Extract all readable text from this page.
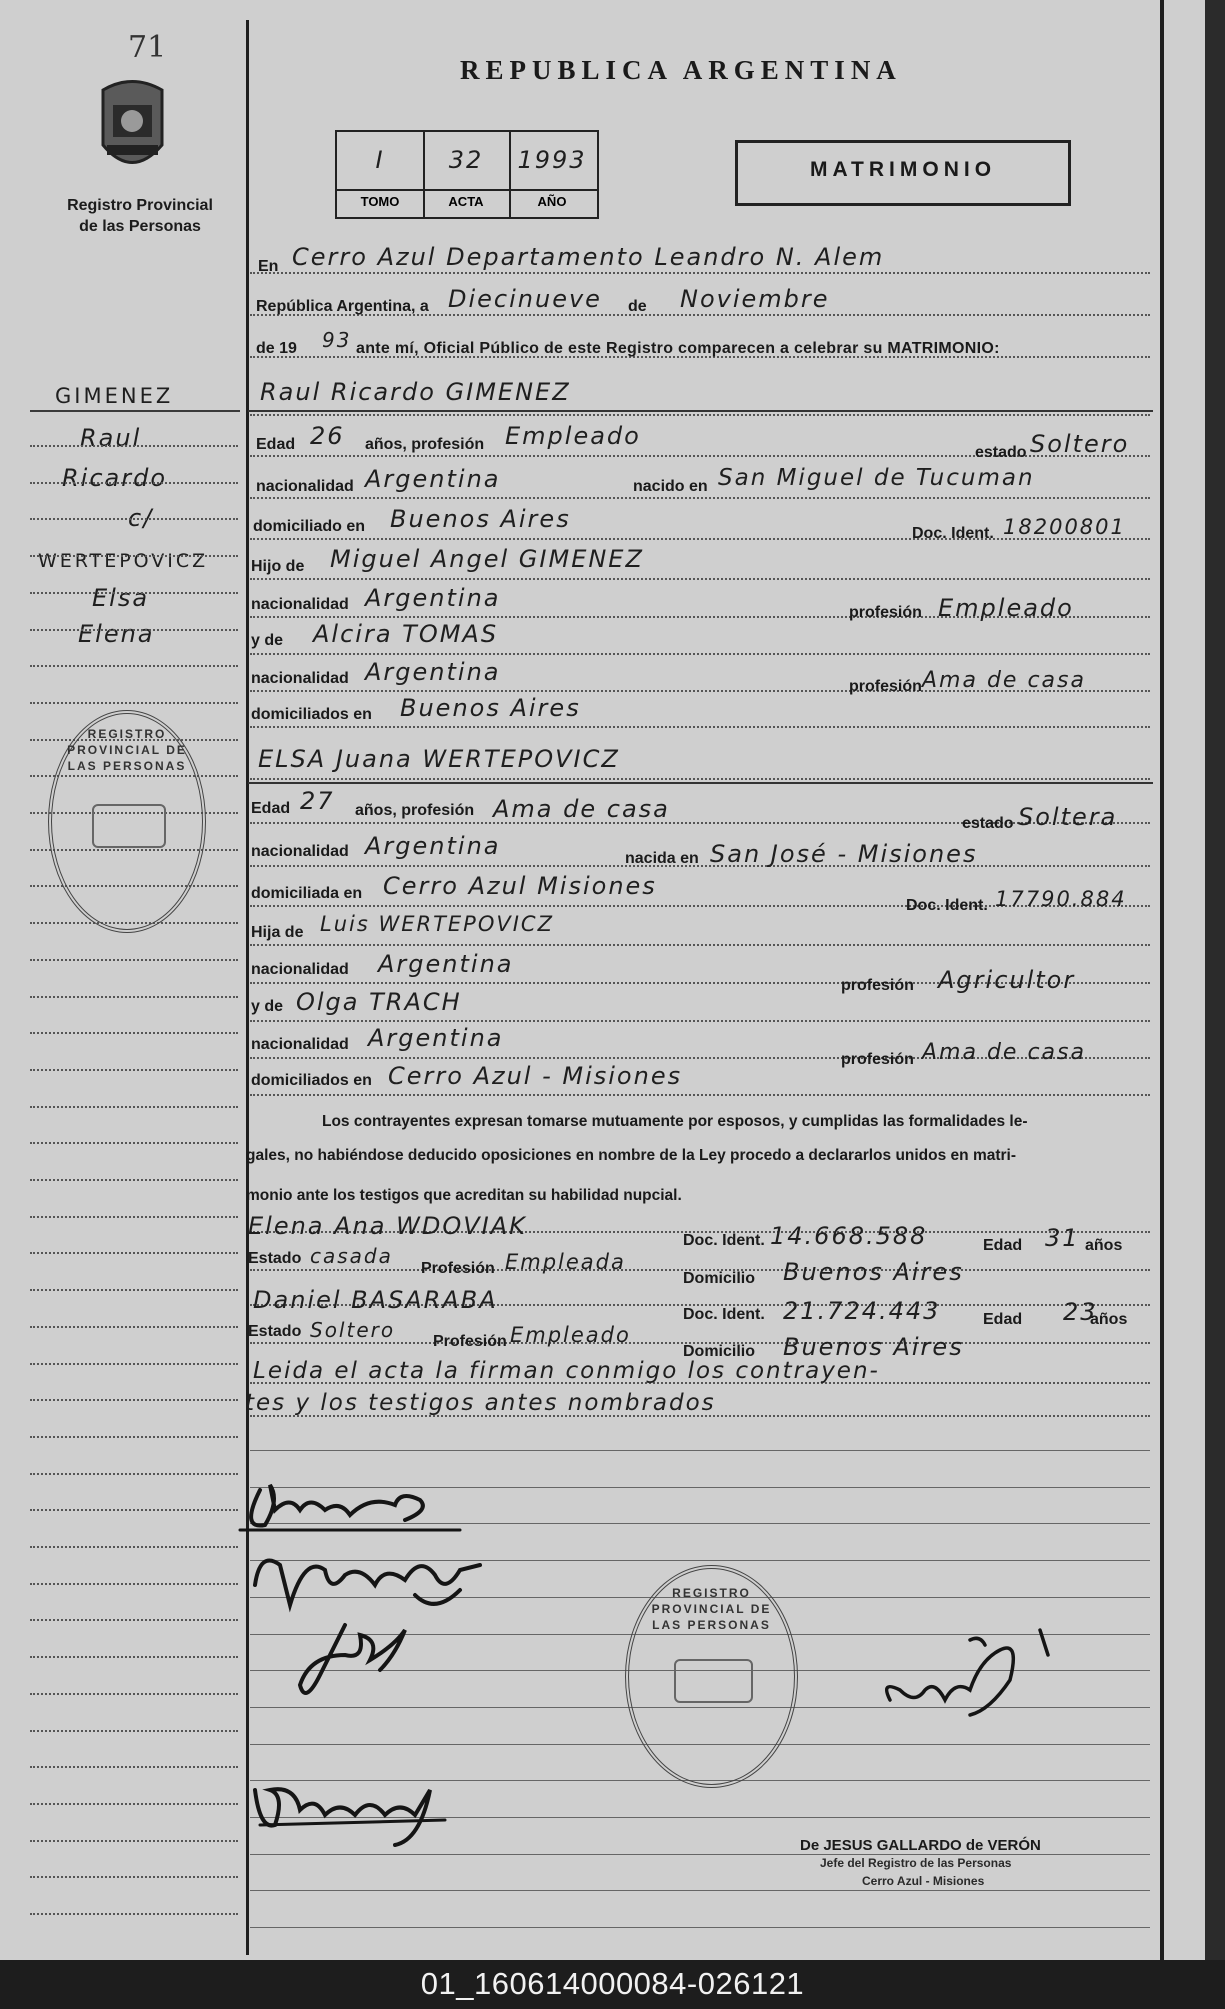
71
Registro Provincial
de las Personas
GIMENEZ
Raul
Ricardo
c/
WERTEPOVICZ
Elsa
Elena
REGISTRO PROVINCIAL DE LAS PERSONAS
REPUBLICA ARGENTINA
I	32	1993
TOMO	ACTA	AÑO
MATRIMONIO
En Cerro Azul Departamento Leandro N. Alem
República Argentina, a Diecinueve de Noviembre
de 19 93 ante mí, Oficial Público de este Registro comparecen a celebrar su MATRIMONIO:
Raul Ricardo GIMENEZ
Edad 26 años, profesión Empleado
estado Soltero
nacionalidad Argentina	nacido en San Miguel de Tucuman
domiciliado en Buenos Aires
Doc. Ident. 18200801
Hijo de Miguel Angel GIMENEZ
nacionalidad Argentina
profesión Empleado
y de Alcira TOMAS
nacionalidad Argentina
profesión Ama de casa
domiciliados en Buenos Aires
ELSA Juana WERTEPOVICZ
Edad 27 años, profesión Ama de casa
estado Soltera
nacionalidad Argentina	nacida en San José - Misiones
domiciliada en Cerro Azul Misiones
Doc. Ident. 17790.884
Hija de Luis WERTEPOVICZ
nacionalidad Argentina
profesión Agricultor
y de Olga TRACH
nacionalidad Argentina
profesión Ama de casa
domiciliados en Cerro Azul - Misiones
Los contrayentes expresan tomarse mutuamente por esposos, y cumplidas las formalidades le-
gales, no habiéndose deducido oposiciones en nombre de la Ley procedo a declararlos unidos en matri-
monio ante los testigos que acreditan su habilidad nupcial.
Elena Ana WDOVIAK
Doc. Ident. 14.668.588	Edad 31 años
Estado casada
Profesión Empleada
Domicilio Buenos Aires
Daniel BASARABA
Doc. Ident. 21.724.443	Edad 23
años
Estado Soltero Profesión Empleado
Domicilio Buenos Aires
Leida el acta la firman conmigo los contrayen-
tes y los testigos antes nombrados
REGISTRO PROVINCIAL DE LAS PERSONAS
De JESUS GALLARDO de VERÓN
Jefe del Registro de las Personas
Cerro Azul - Misiones
01_160614000084-026121
